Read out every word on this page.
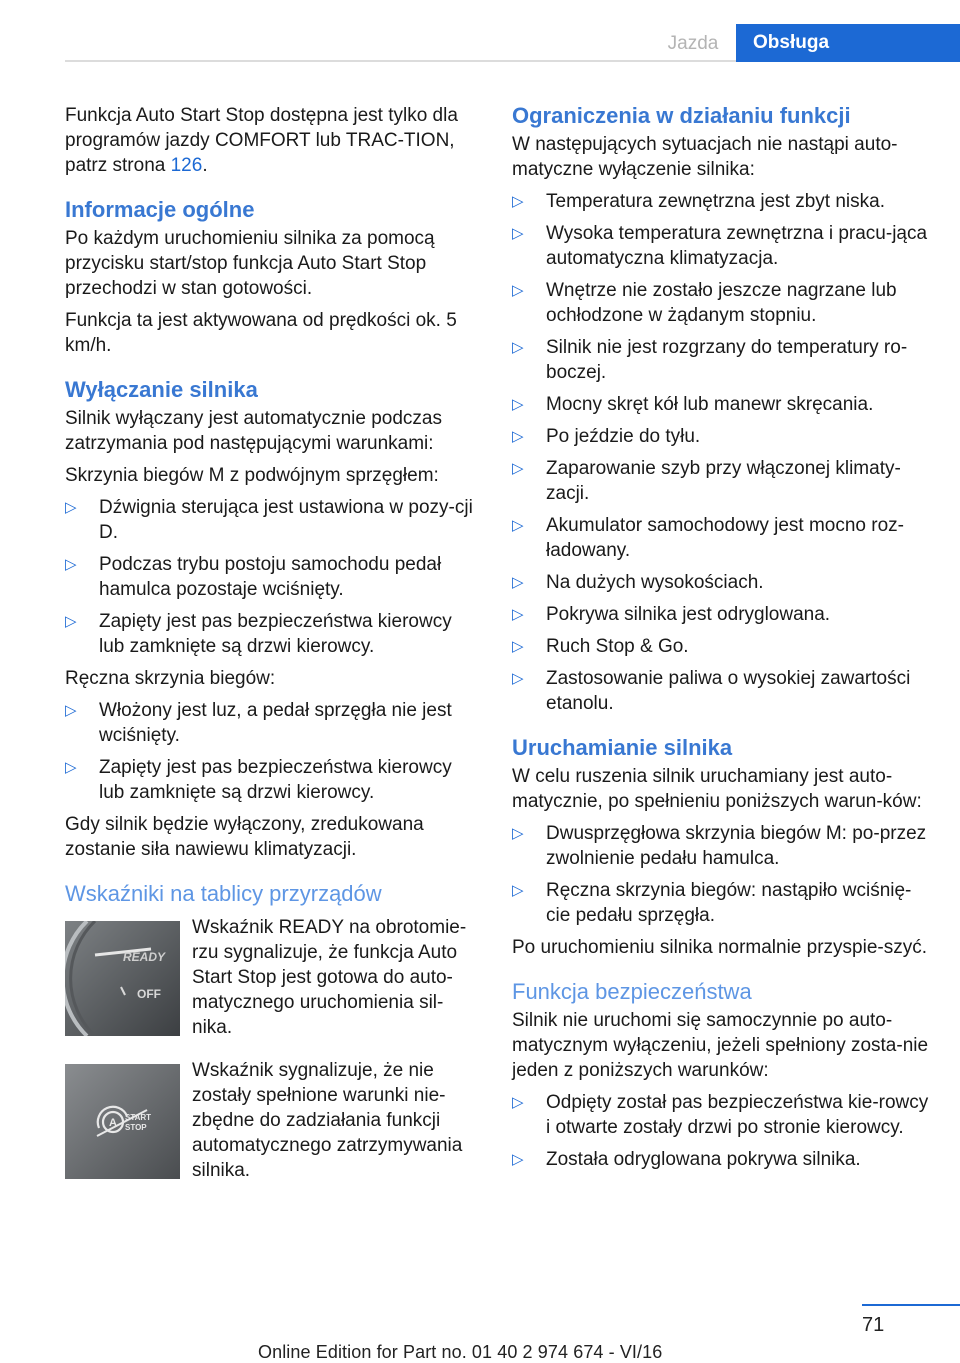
Jazda	Obsługa

Funkcja Auto Start Stop dostępna jest tylko dla programów jazdy COMFORT lub TRAC‐TION, patrz strona 126.

Informacje ogólne

Po każdym uruchomieniu silnika za pomocą przycisku start/stop funkcja Auto Start Stop przechodzi w stan gotowości.

Funkcja ta jest aktywowana od prędkości ok. 5 km/h.

Wyłączanie silnika

Silnik wyłączany jest automatycznie podczas zatrzymania pod następującymi warunkami:

Skrzynia biegów M z podwójnym sprzęgłem:

▷ Dźwignia sterująca jest ustawiona w pozy‐cji D.
▷ Podczas trybu postoju samochodu pedał hamulca pozostaje wciśnięty.
▷ Zapięty jest pas bezpieczeństwa kierowcy lub zamknięte są drzwi kierowcy.

Ręczna skrzynia biegów:

▷ Włożony jest luz, a pedał sprzęgła nie jest wciśnięty.
▷ Zapięty jest pas bezpieczeństwa kierowcy lub zamknięte są drzwi kierowcy.

Gdy silnik będzie wyłączony, zredukowana zostanie siła nawiewu klimatyzacji.

Wskaźniki na tablicy przyrządów
READY
OFF
Wskaźnik READY na obrotomie‐rzu sygnalizuje, że funkcja Auto Start Stop jest gotowa do auto‐matycznego uruchomienia sil‐nika.
A START
STOP
Wskaźnik sygnalizuje, że nie zostały spełnione warunki nie‐zbędne do zadziałania funkcji automatycznego zatrzymywania silnika.
Ograniczenia w działaniu funkcji

W następujących sytuacjach nie nastąpi auto‐matyczne wyłączenie silnika:

▷ Temperatura zewnętrzna jest zbyt niska.
▷ Wysoka temperatura zewnętrzna i pracu‐jąca automatyczna klimatyzacja.
▷ Wnętrze nie zostało jeszcze nagrzane lub ochłodzone w żądanym stopniu.
▷ Silnik nie jest rozgrzany do temperatury ro‐boczej.
▷ Mocny skręt kół lub manewr skręcania.
▷ Po jeździe do tyłu.
▷ Zaparowanie szyb przy włączonej klimaty‐zacji.
▷ Akumulator samochodowy jest mocno roz‐ładowany.
▷ Na dużych wysokościach.
▷ Pokrywa silnika jest odryglowana.
▷ Ruch Stop & Go.
▷ Zastosowanie paliwa o wysokiej zawartości etanolu.
Uruchamianie silnika

W celu ruszenia silnik uruchamiany jest auto‐matycznie, po spełnieniu poniższych warun‐ków:

▷ Dwusprzęgłowa skrzynia biegów M: po‐przez zwolnienie pedału hamulca.
▷ Ręczna skrzynia biegów: nastąpiło wciśnię‐cie pedału sprzęgła.

Po uruchomieniu silnika normalnie przyspie‐szyć.

Funkcja bezpieczeństwa

Silnik nie uruchomi się samoczynnie po auto‐matycznym wyłączeniu, jeżeli spełniony zosta‐nie jeden z poniższych warunków:

▷ Odpięty został pas bezpieczeństwa kie‐rowcy i otwarte zostały drzwi po stronie kierowcy.
▷ Została odryglowana pokrywa silnika.
71
Online Edition for Part no. 01 40 2 974 674 - VI/16
